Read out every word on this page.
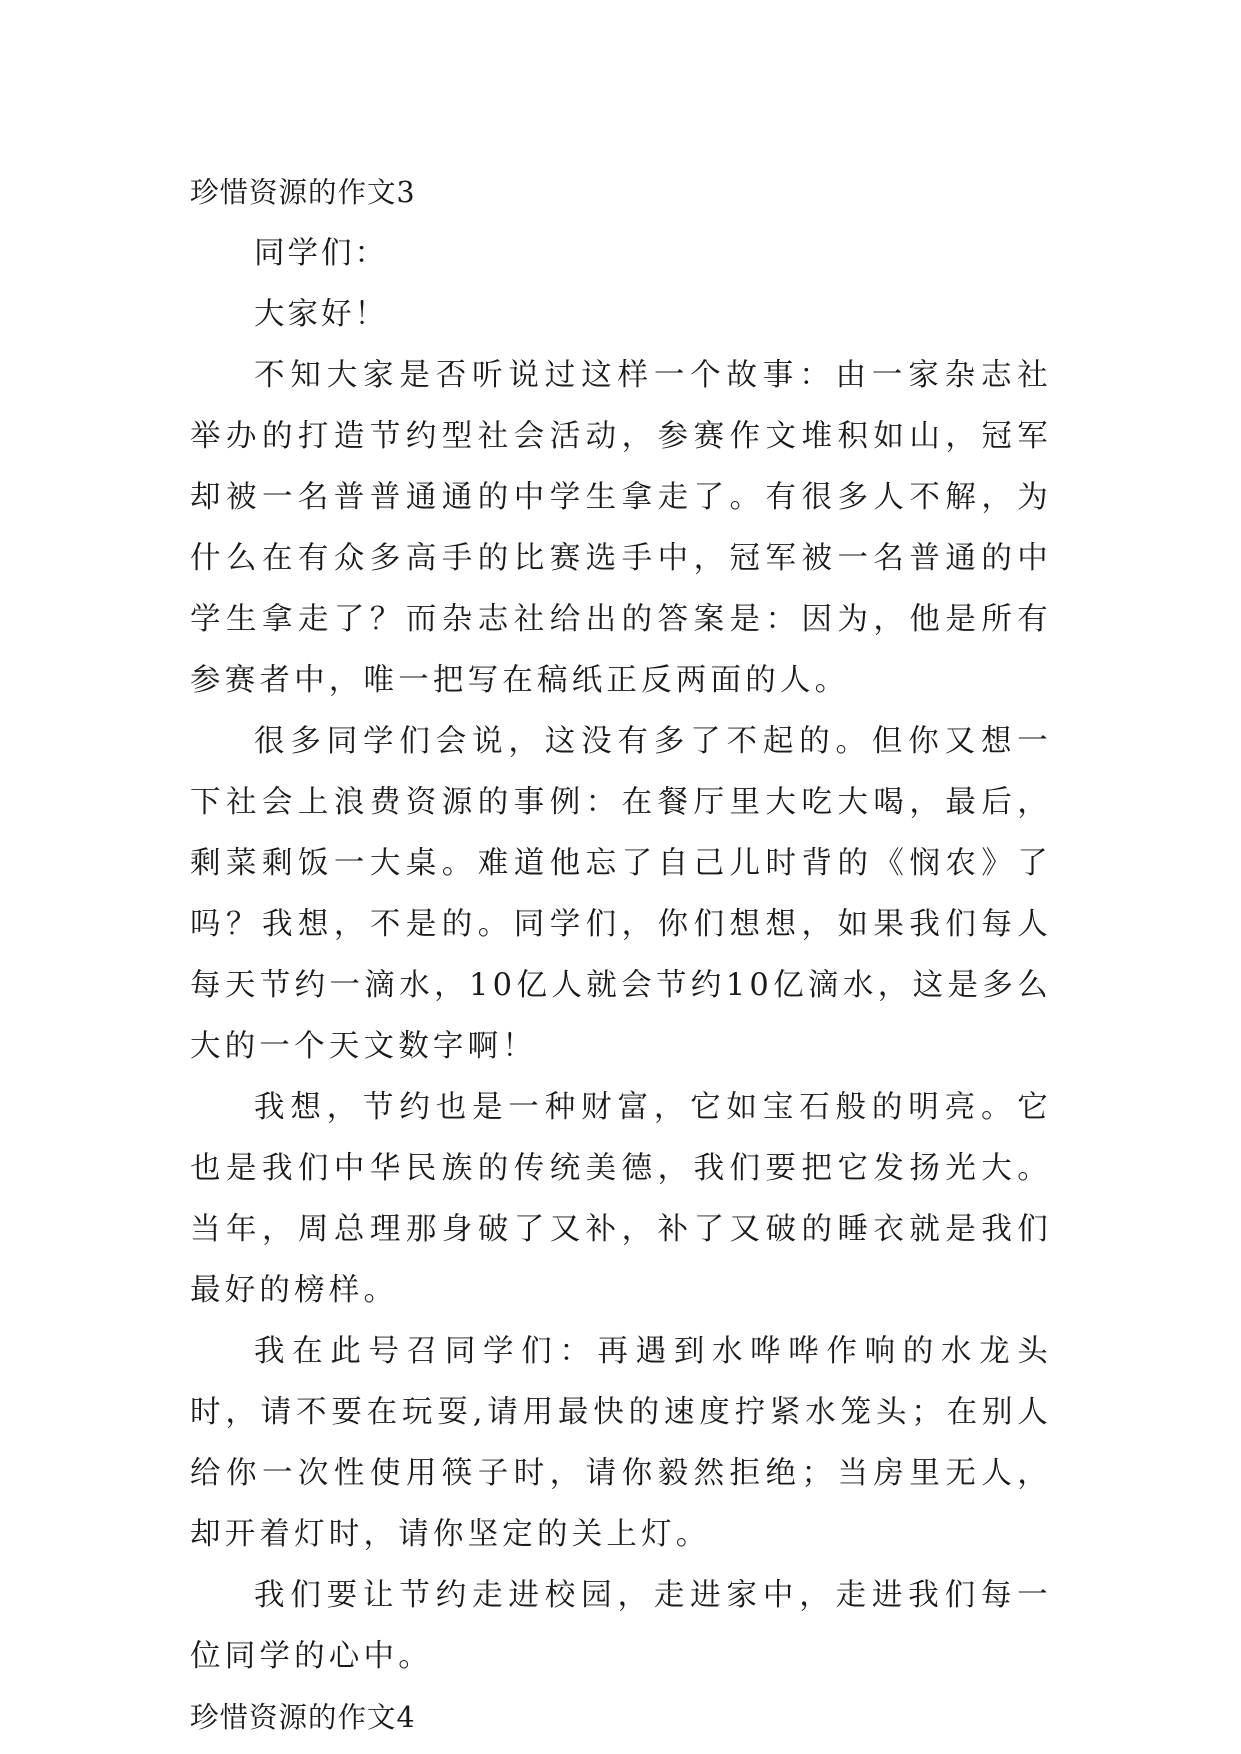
珍惜资源的作文3

同学们：

大家好！

不知大家是否听说过这样一个故事：由一家杂志社举办的打造节约型社会活动，参赛作文堆积如山，冠军却被一名普普通通的中学生拿走了。有很多人不解，为什么在有众多高手的比赛选手中，冠军被一名普通的中学生拿走了？而杂志社给出的答案是：因为，他是所有参赛者中，唯一把写在稿纸正反两面的人。

很多同学们会说，这没有多了不起的。但你又想一下社会上浪费资源的事例：在餐厅里大吃大喝，最后，剩菜剩饭一大桌。难道他忘了自己儿时背的《悯农》了吗？我想，不是的。同学们，你们想想，如果我们每人每天节约一滴水，10亿人就会节约10亿滴水，这是多么大的一个天文数字啊！

我想，节约也是一种财富，它如宝石般的明亮。它也是我们中华民族的传统美德，我们要把它发扬光大。当年，周总理那身破了又补，补了又破的睡衣就是我们最好的榜样。

我在此号召同学们：再遇到水哗哗作响的水龙头时，请不要在玩耍,请用最快的速度拧紧水笼头；在别人给你一次性使用筷子时，请你毅然拒绝；当房里无人，却开着灯时，请你坚定的关上灯。

我们要让节约走进校园，走进家中，走进我们每一位同学的心中。

珍惜资源的作文4
